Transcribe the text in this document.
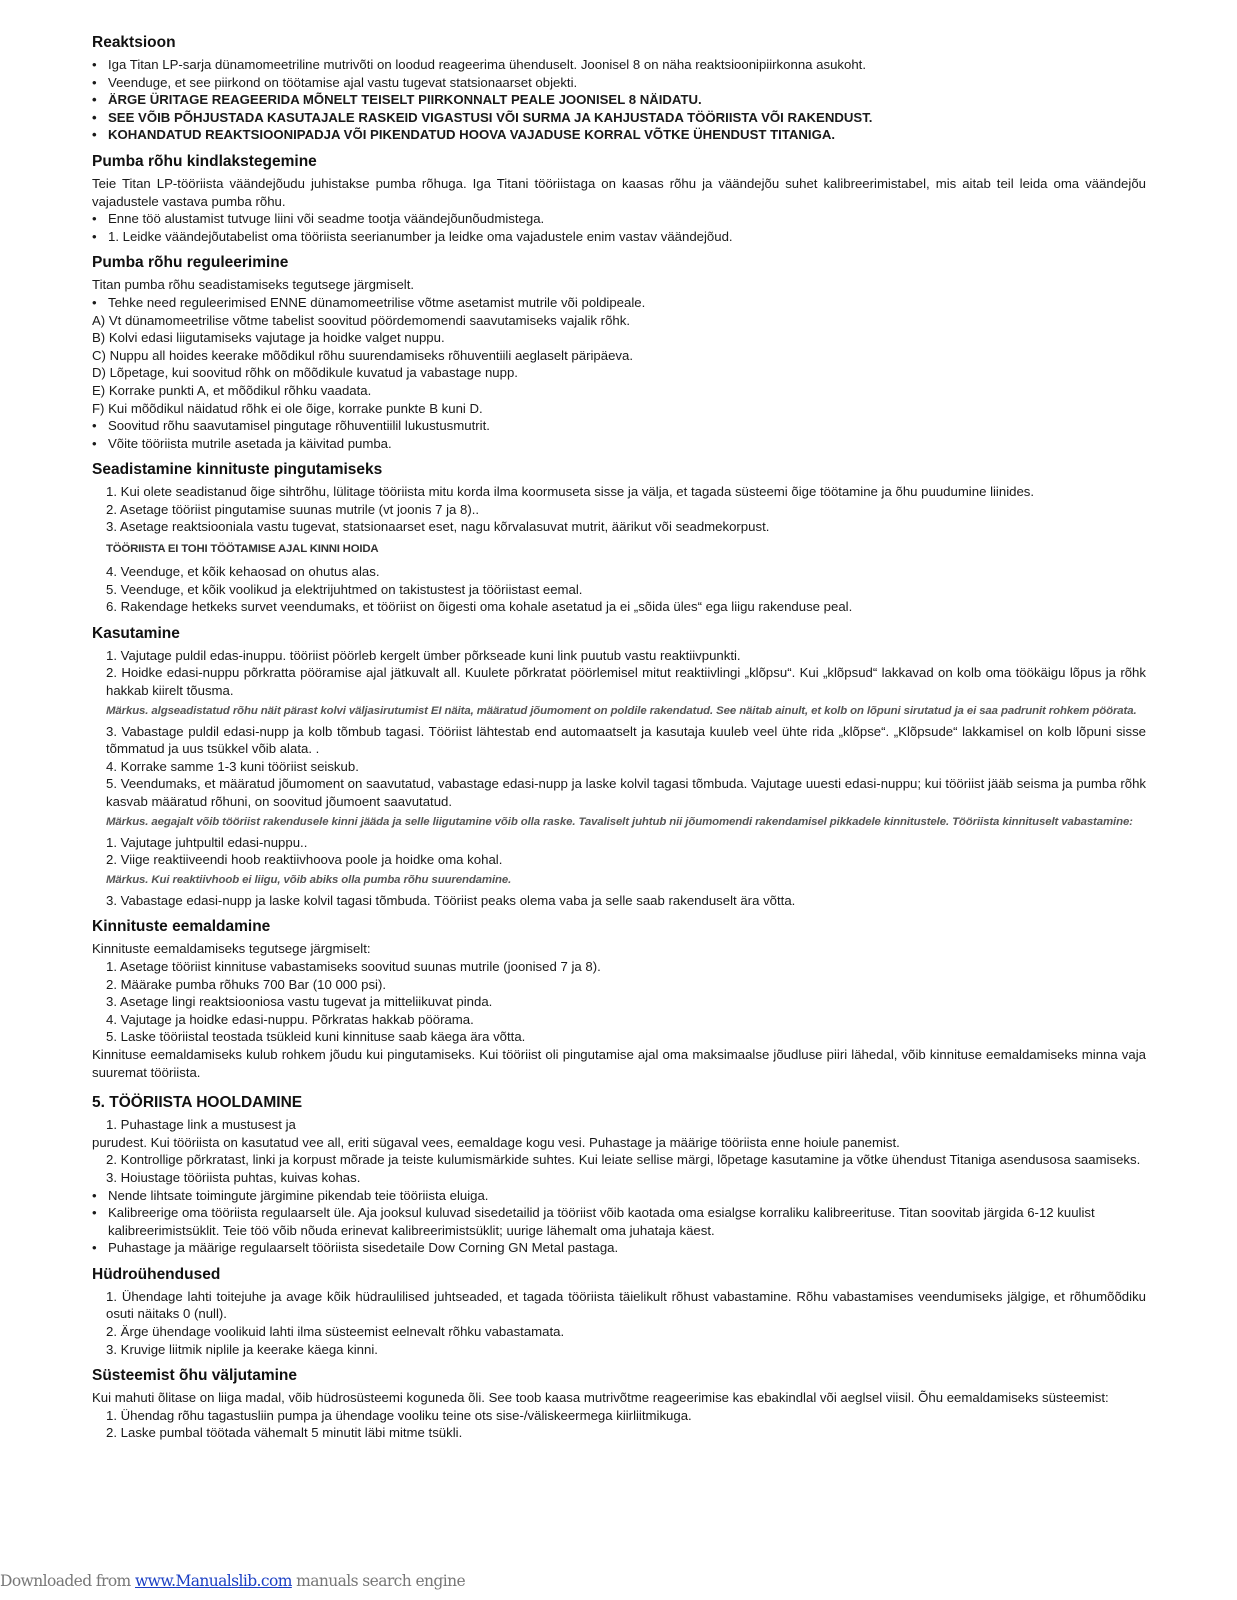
Reaktsioon

• Iga Titan LP-sarja dünamomeetriline mutrivõti on loodud reageerima ühenduselt. Joonisel 8 on näha reaktsioonipiirkonna asukoht.

• Veenduge, et see piirkond on töötamise ajal vastu tugevat statsionaarset objekti.

• ÄRGE ÜRITAGE REAGEERIDA MÕNELT TEISELT PIIRKONNALT PEALE JOONISEL 8 NÄIDATU.

• SEE VÕIB PÕHJUSTADA KASUTAJALE RASKEID VIGASTUSI VÕI SURMA JA KAHJUSTADA TÖÖRIISTA VÕI RAKENDUST.

• KOHANDATUD REAKTSIOONIPADJA VÕI PIKENDATUD HOOVA VAJADUSE KORRAL VÕTKE ÜHENDUST TITANIGA.

Pumba rõhu kindlakstegemine

Teie Titan LP-tööriista väändejõudu juhistakse pumba rõhuga. Iga Titani tööriistaga on kaasas rõhu ja väändejõu suhet kalibreerimistabel, mis aitab teil leida oma väändejõu vajadustele vastava pumba rõhu.

• Enne töö alustamist tutvuge liini või seadme tootja väändejõunõudmistega.

• 1. Leidke väändejõutabelist oma tööriista seerianumber ja leidke oma vajadustele enim vastav väändejõud.

Pumba rõhu reguleerimine

Titan pumba rõhu seadistamiseks tegutsege järgmiselt.

• Tehke need reguleerimised ENNE dünamomeetrilise võtme asetamist mutrile või poldipeale.

A) Vt dünamomeetrilise võtme tabelist soovitud pöördemomendi saavutamiseks vajalik rõhk.

B) Kolvi edasi liigutamiseks vajutage ja hoidke valget nuppu.

C) Nuppu all hoides keerake mõõdikul rõhu suurendamiseks rõhuventiili aeglaselt päripäeva.

D) Lõpetage, kui soovitud rõhk on mõõdikule kuvatud ja vabastage nupp.

E) Korrake punkti A, et mõõdikul rõhku vaadata.

F) Kui mõõdikul näidatud rõhk ei ole õige, korrake punkte B kuni D.

• Soovitud rõhu saavutamisel pingutage rõhuventiilil lukustusmutrit.

• Võite tööriista mutrile asetada ja käivitad pumba.

Seadistamine kinnituste pingutamiseks

1. Kui olete seadistanud õige sihtrõhu, lülitage tööriista mitu korda ilma koormuseta sisse ja välja, et tagada süsteemi õige töötamine ja õhu puudumine liinides.

2. Asetage tööriist pingutamise suunas mutrile (vt joonis 7 ja 8)..

3. Asetage reaktsiooniala vastu tugevat, statsionaarset eset, nagu kõrvalasuvat mutrit, äärikut või seadmekorpust.

TÖÖRIISTA EI TOHI TÖÖTAMISE AJAL KINNI HOIDA

4. Veenduge, et kõik kehaosad on ohutus alas.

5. Veenduge, et kõik voolikud ja elektrijuhtmed on takistustest ja tööriistast eemal.

6. Rakendage hetkeks survet veendumaks, et tööriist on õigesti oma kohale asetatud ja ei „sõida üles“ ega liigu rakenduse peal.

Kasutamine

1. Vajutage puldil edas-inuppu. tööriist pöörleb kergelt ümber põrkseade kuni link puutub vastu reaktiivpunkti.

2. Hoidke edasi-nuppu põrkratta pööramise ajal jätkuvalt all. Kuulete põrkratat pöörlemisel mitut reaktiivlingi „klõpsu“. Kui „klõpsud“ lakkavad on kolb oma töökäigu lõpus ja rõhk hakkab kiirelt tõusma.

Märkus. algseadistatud rõhu näit pärast kolvi väljasirutumist EI näita, määratud jõumoment on poldile rakendatud. See näitab ainult, et kolb on lõpuni sirutatud ja ei saa padrunit rohkem pöörata.

3. Vabastage puldil edasi-nupp ja kolb tõmbub tagasi. Tööriist lähtestab end automaatselt ja kasutaja kuuleb veel ühte rida „klõpse“. „Klõpsude“ lakkamisel on kolb lõpuni sisse tõmmatud ja uus tsükkel võib alata. .

4. Korrake samme 1-3 kuni tööriist seiskub.

5. Veendumaks, et määratud jõumoment on saavutatud, vabastage edasi-nupp ja laske kolvil tagasi tõmbuda. Vajutage uuesti edasi-nuppu; kui tööriist jääb seisma ja pumba rõhk kasvab määratud rõhuni, on soovitud jõumoent saavutatud.

Märkus. aegajalt võib tööriist rakendusele kinni jääda ja selle liigutamine võib olla raske. Tavaliselt juhtub nii jõumomendi rakendamisel pikkadele kinnitustele. Tööriista kinnituselt vabastamine:

1. Vajutage juhtpultil edasi-nuppu..

2. Viige reaktiiveendi hoob reaktiivhoova poole ja hoidke oma kohal.

Märkus. Kui reaktiivhoob ei liigu, võib abiks olla pumba rõhu suurendamine.

3. Vabastage edasi-nupp ja laske kolvil tagasi tõmbuda. Tööriist peaks olema vaba ja selle saab rakenduselt ära võtta.

Kinnituste eemaldamine

Kinnituste eemaldamiseks tegutsege järgmiselt:

1. Asetage tööriist kinnituse vabastamiseks soovitud suunas mutrile (joonised 7 ja 8).

2. Määrake pumba rõhuks 700 Bar (10 000 psi).

3. Asetage lingi reaktsiooniosa vastu tugevat ja mitteliikuvat pinda.

4. Vajutage ja hoidke edasi-nuppu. Põrkratas hakkab pöörama.

5. Laske tööriistal teostada tsükleid kuni kinnituse saab käega ära võtta.

Kinnituse eemaldamiseks kulub rohkem jõudu kui pingutamiseks. Kui tööriist oli pingutamise ajal oma maksimaalse jõudluse piiri lähedal, võib kinnituse eemaldamiseks minna vaja suuremat tööriista.

5. TÖÖRIISTA HOOLDAMINE

1. Puhastage link a mustusest ja

purudest. Kui tööriista on kasutatud vee all, eriti sügaval vees, eemaldage kogu vesi. Puhastage ja määrige tööriista enne hoiule panemist.

2. Kontrollige põrkratast, linki ja korpust mõrade ja teiste kulumismärkide suhtes. Kui leiate sellise märgi, lõpetage kasutamine ja võtke ühendust Titaniga asendusosa saamiseks.

3. Hoiustage tööriista puhtas, kuivas kohas.

• Nende lihtsate toimingute järgimine pikendab teie tööriista eluiga.

• Kalibreerige oma tööriista regulaarselt üle. Aja jooksul kuluvad sisedetailid ja tööriist võib kaotada oma esialgse korraliku kalibreerituse. Titan soovitab järgida 6-12 kuulist kalibreerimistsüklit. Teie töö võib nõuda erinevat kalibreerimistsüklit; uurige lähemalt oma juhataja käest.

• Puhastage ja määrige regulaarselt tööriista sisedetaile Dow Corning GN Metal pastaga.

Hüdroühendused

1. Ühendage lahti toitejuhe ja avage kõik hüdraulilised juhtseaded, et tagada tööriista täielikult rõhust vabastamine. Rõhu vabastamises veendumiseks jälgige, et rõhumõõdiku osuti näitaks 0 (null).

2. Ärge ühendage voolikuid lahti ilma süsteemist eelnevalt rõhku vabastamata.

3. Kruvige liitmik niplile ja keerake käega kinni.

Süsteemist õhu väljutamine

Kui mahuti õlitase on liiga madal, võib hüdrosüsteemi koguneda õli. See toob kaasa mutrivõtme reageerimise kas ebakindlal või aeglsel viisil. Õhu eemaldamiseks süsteemist:

1. Ühendag rõhu tagastusliin pumpa ja ühendage vooliku teine ots sise-/väliskeermega kiirliitmikuga.

2. Laske pumbal töötada vähemalt 5 minutit läbi mitme tsükli.

Downloaded from www.Manualslib.com manuals search engine
